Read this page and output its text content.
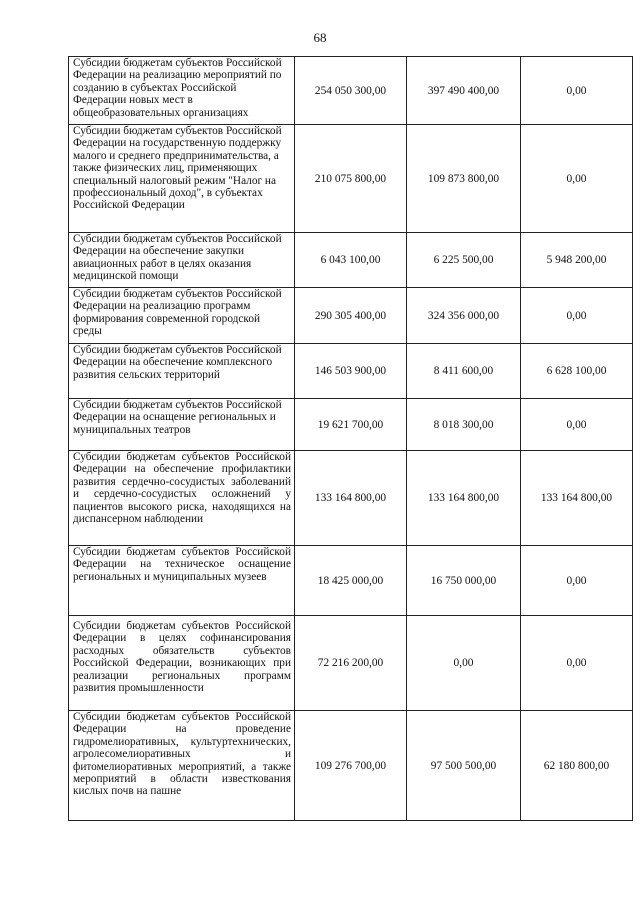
68
Субсидии бюджетам субъектов Российской Федерации на реализацию мероприятий по созданию в субъектах Российской Федерации новых мест в общеобразовательных организациях	254 050 300,00	397 490 400,00	0,00
Субсидии бюджетам субъектов Российской Федерации на государственную поддержку малого и среднего предпринимательства, а также физических лиц, применяющих специальный налоговый режим "Налог на профессиональный доход", в субъектах Российской Федерации	210 075 800,00	109 873 800,00	0,00
Субсидии бюджетам субъектов Российской Федерации на обеспечение закупки авиационных работ в целях оказания медицинской помощи	6 043 100,00	6 225 500,00	5 948 200,00
Субсидии бюджетам субъектов Российской Федерации на реализацию программ формирования современной городской среды	290 305 400,00	324 356 000,00	0,00
Субсидии бюджетам субъектов Российской Федерации на обеспечение комплексного развития сельских территорий	146 503 900,00	8 411 600,00	6 628 100,00
Субсидии бюджетам субъектов Российской Федерации на оснащение региональных и муниципальных театров	19 621 700,00	8 018 300,00	0,00
Субсидии бюджетам субъектов Российской Федерации на обеспечение профилактики развития сердечно-сосудистых заболеваний и сердечно-сосудистых осложнений у пациентов высокого риска, находящихся на диспансерном наблюдении	133 164 800,00	133 164 800,00	133 164 800,00
Субсидии бюджетам субъектов Российской Федерации на техническое оснащение региональных и муниципальных музеев	18 425 000,00	16 750 000,00	0,00
Субсидии бюджетам субъектов Российской Федерации в целях софинансирования расходных обязательств субъектов Российской Федерации, возникающих при реализации региональных программ развития промышленности	72 216 200,00	0,00	0,00
Субсидии бюджетам субъектов Российской Федерации на проведение гидромелиоративных, культуртехнических, агролесомелиоративных и фитомелиоративных мероприятий, а также мероприятий в области известкования кислых почв на пашне	109 276 700,00	97 500 500,00	62 180 800,00
